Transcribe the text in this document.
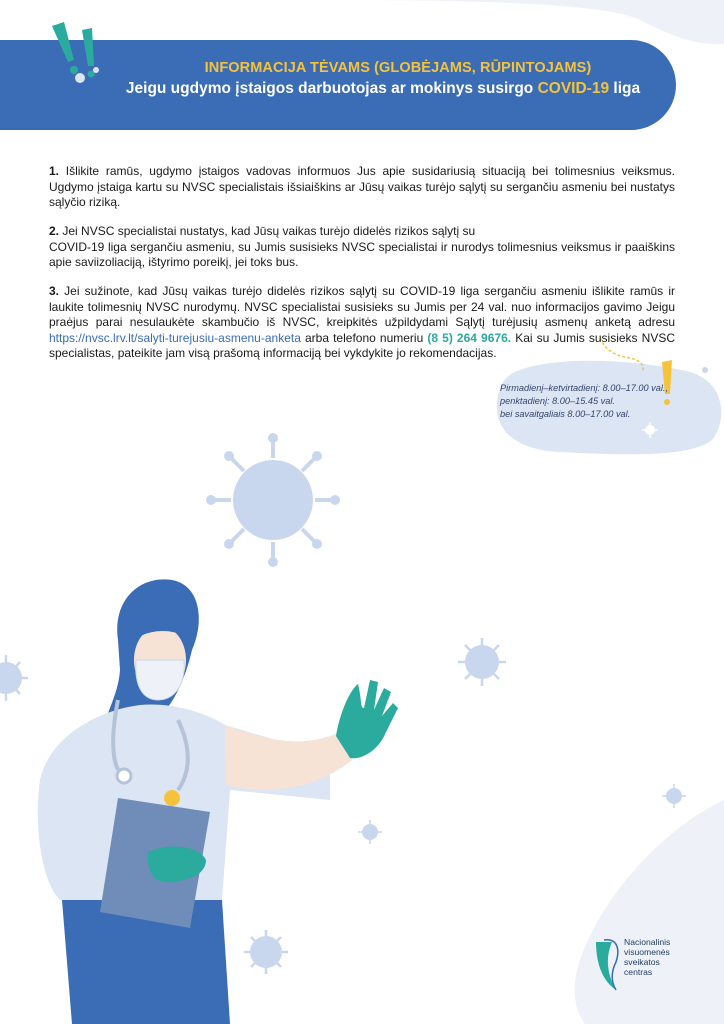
INFORMACIJA TĖVAMS (GLOBĖJAMS, RŪPINTOJAMS)
Jeigu ugdymo įstaigos darbuotojas ar mokinys susirgo COVID-19 liga
1. Išlikite ramūs, ugdymo įstaigos vadovas informuos Jus apie susidariusią situaciją bei tolimesnius veiksmus. Ugdymo įstaiga kartu su NVSC specialistais išsiaiškins ar Jūsų vaikas turėjo sąlytį su sergančiu asmeniu bei nustatys sąlyčio riziką.
2. Jei NVSC specialistai nustatys, kad Jūsų vaikas turėjo didelės rizikos sąlytį su
COVID-19 liga sergančiu asmeniu, su Jumis susisieks NVSC specialistai ir nurodys tolimesnius veiksmus ir paaiškins apie saviizoliaciją, ištyrimo poreikį, jei toks bus.
3. Jei sužinote, kad Jūsų vaikas turėjo didelės rizikos sąlytį su COVID-19 liga sergančiu asmeniu išlikite ramūs ir laukite tolimesnių NVSC nurodymų. NVSC specialistai susisieks su Jumis per 24 val. nuo informacijos gavimo Jeigu praėjus parai nesulaukėte skambučio iš NVSC, kreipkitės užpildydami Sąlytį turėjusių asmenų anketą adresu https://nvsc.lrv.lt/salyti-turejusiu-asmenu-anketa arba telefono numeriu (8 5) 264 9676. Kai su Jumis susisieks NVSC specialistas, pateikite jam visą prašomą informaciją bei vykdykite jo rekomendacijas.
Pirmadienį–ketvirtadienį: 8.00–17.00 val.,
penktadienį: 8.00–15.45 val.
bei savaitgaliais 8.00–17.00 val.
Nacionalinis
visuomenės
sveikatos
centras
